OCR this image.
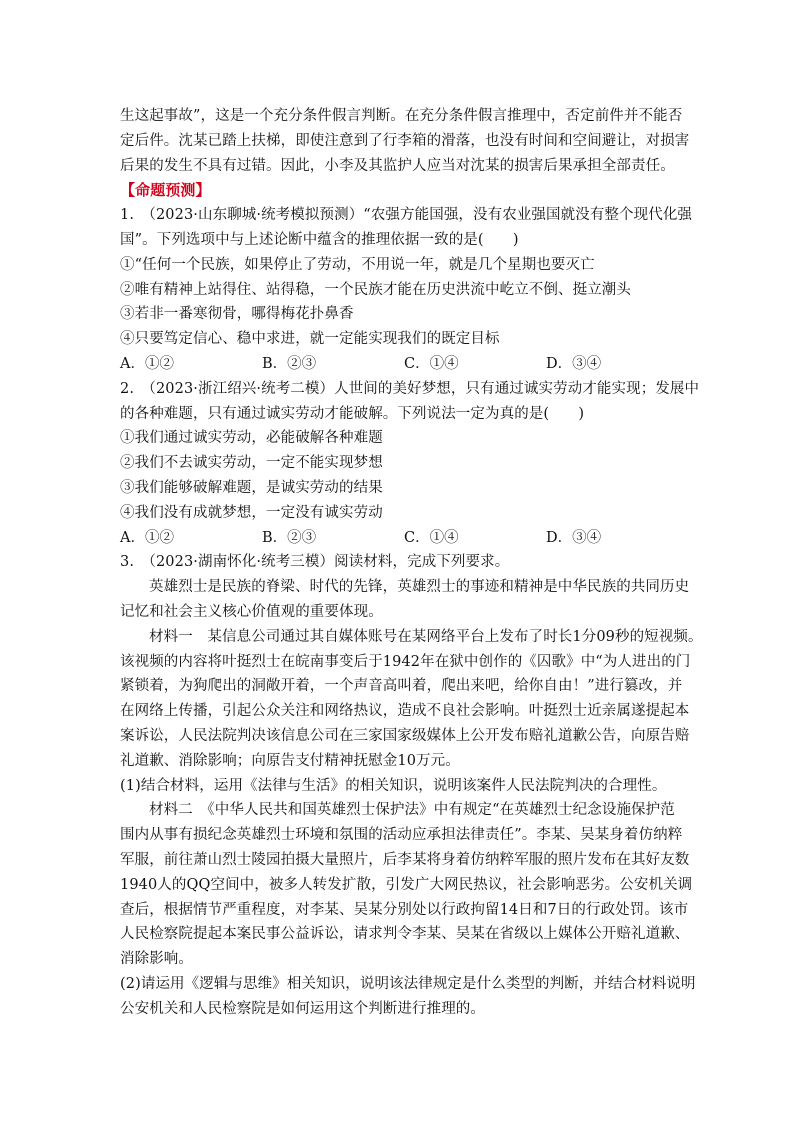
生这起事故”，这是一个充分条件假言判断。在充分条件假言推理中，否定前件并不能否
定后件。沈某已踏上扶梯，即使注意到了行李箱的滑落，也没有时间和空间避让，对损害
后果的发生不具有过错。因此，小李及其监护人应当对沈某的损害后果承担全部责任。
【命题预测】
1.　（2023·山东聊城·统考模拟预测）“农强方能国强，没有农业强国就没有整个现代化强
国”。下列选项中与上述论断中蕴含的推理依据一致的是(　　)
①“任何一个民族，如果停止了劳动，不用说一年，就是几个星期也要灭亡
②唯有精神上站得住、站得稳，一个民族才能在历史洪流中屹立不倒、挺立潮头
③若非一番寒彻骨，哪得梅花扑鼻香
④只要笃定信心、稳中求进，就一定能实现我们的既定目标
A．①②	B．②③	C．①④	D．③④
2.　（2023·浙江绍兴·统考二模）人世间的美好梦想，只有通过诚实劳动才能实现；发展中
的各种难题，只有通过诚实劳动才能破解。下列说法一定为真的是(　　)
①我们通过诚实劳动，必能破解各种难题
②我们不去诚实劳动，一定不能实现梦想
③我们能够破解难题，是诚实劳动的结果
④我们没有成就梦想，一定没有诚实劳动
A．①②	B．②③	C．①④	D．③④
3.　（2023·湖南怀化·统考三模）阅读材料，完成下列要求。
英雄烈士是民族的脊梁、时代的先锋，英雄烈士的事迹和精神是中华民族的共同历史
记忆和社会主义核心价值观的重要体现。
材料一　某信息公司通过其自媒体账号在某网络平台上发布了时长1分09秒的短视频。
该视频的内容将叶挺烈士在皖南事变后于1942年在狱中创作的《囚歌》中“为人进出的门
紧锁着，为狗爬出的洞敞开着，一个声音高叫着，爬出来吧，给你自由！”进行篡改，并
在网络上传播，引起公众关注和网络热议，造成不良社会影响。叶挺烈士近亲属遂提起本
案诉讼，人民法院判决该信息公司在三家国家级媒体上公开发布赔礼道歉公告，向原告赔
礼道歉、消除影响；向原告支付精神抚慰金10万元。
(1)结合材料，运用《法律与生活》的相关知识，说明该案件人民法院判决的合理性。
材料二　《中华人民共和国英雄烈士保护法》中有规定“在英雄烈士纪念设施保护范
围内从事有损纪念英雄烈士环境和氛围的活动应承担法律责任”。李某、吴某身着仿纳粹
军服，前往萧山烈士陵园拍摄大量照片，后李某将身着仿纳粹军服的照片发布在其好友数
1940人的QQ空间中，被多人转发扩散，引发广大网民热议，社会影响恶劣。公安机关调
查后，根据情节严重程度，对李某、吴某分别处以行政拘留14日和7日的行政处罚。该市
人民检察院提起本案民事公益诉讼，请求判令李某、吴某在省级以上媒体公开赔礼道歉、
消除影响。
(2)请运用《逻辑与思维》相关知识，说明该法律规定是什么类型的判断，并结合材料说明
公安机关和人民检察院是如何运用这个判断进行推理的。
